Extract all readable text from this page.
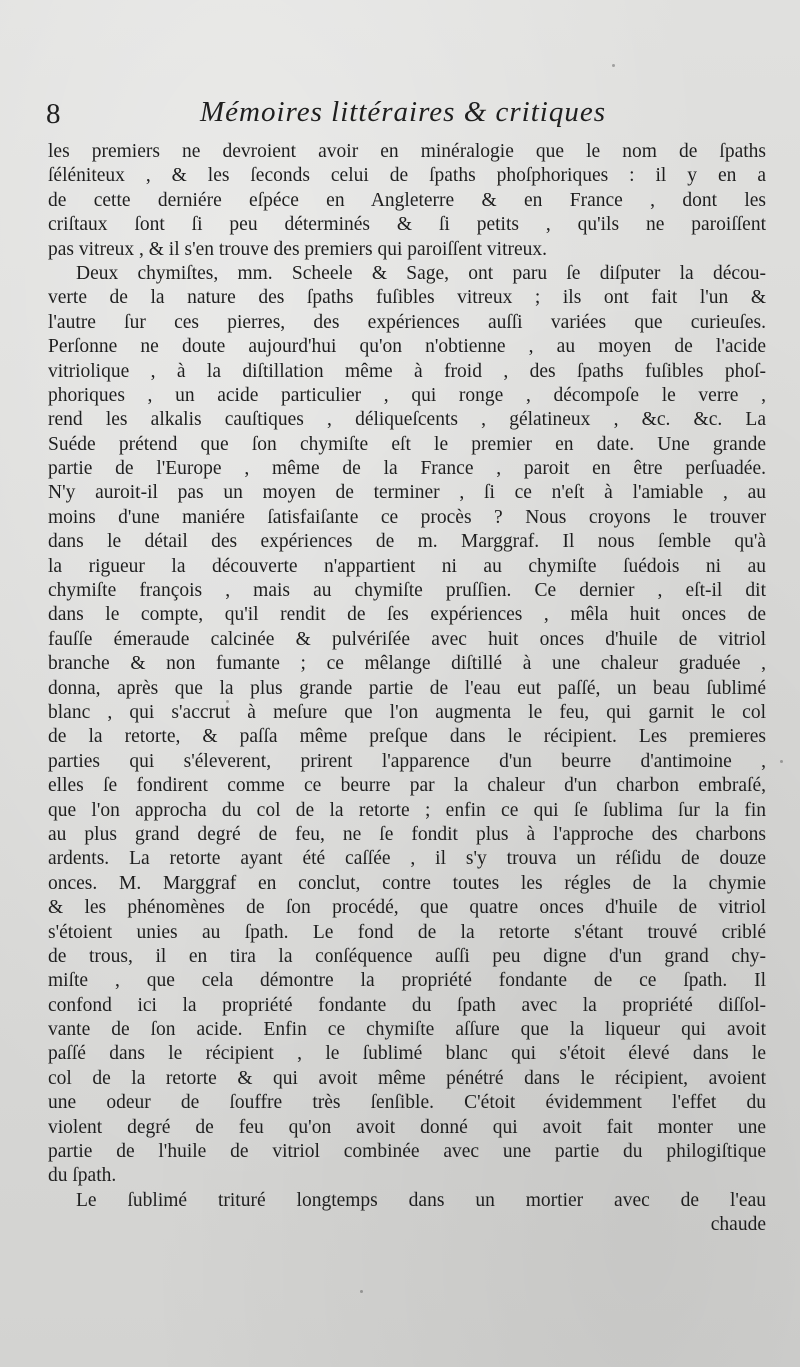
8	Mémoires littéraires & critiques
les premiers ne devroient avoir en minéralogie que le nom de ſpaths
ſéléniteux , & les ſeconds celui de ſpaths phoſphoriques : il y en a
de cette derniére eſpéce en Angleterre & en France , dont les
criſtaux ſont ſi peu déterminés & ſi petits , qu'ils ne paroiſſent
pas vitreux , & il s'en trouve des premiers qui paroiſſent vitreux.
Deux chymiſtes, mm. Scheele & Sage, ont paru ſe diſputer la décou-
verte de la nature des ſpaths fuſibles vitreux ; ils ont fait l'un &
l'autre ſur ces pierres, des expériences auſſi variées que curieuſes.
Perſonne ne doute aujourd'hui qu'on n'obtienne , au moyen de l'acide
vitriolique , à la diſtillation même à froid , des ſpaths fuſibles phoſ-
phoriques , un acide particulier , qui ronge , décompoſe le verre ,
rend les alkalis cauſtiques , déliqueſcents , gélatineux , &c. &c. La
Suéde prétend que ſon chymiſte eſt le premier en date. Une grande
partie de l'Europe , même de la France , paroit en être perſuadée.
N'y auroit-il pas un moyen de terminer , ſi ce n'eſt à l'amiable , au
moins d'une maniére ſatisfaiſante ce procès ? Nous croyons le trouver
dans le détail des expériences de m. Marggraf. Il nous ſemble qu'à
la rigueur la découverte n'appartient ni au chymiſte ſuédois ni au
chymiſte françois , mais au chymiſte pruſſien. Ce dernier , eſt-il dit
dans le compte, qu'il rendit de ſes expériences , mêla huit onces de
fauſſe émeraude calcinée & pulvériſée avec huit onces d'huile de vitriol
branche & non fumante ; ce mêlange diſtillé à une chaleur graduée ,
donna, après que la plus grande partie de l'eau eut paſſé, un beau ſublimé
blanc , qui s'accrut à meſure que l'on augmenta le feu, qui garnit le col
de la retorte, & paſſa même preſque dans le récipient. Les premieres
parties qui s'éleverent, prirent l'apparence d'un beurre d'antimoine ,
elles ſe fondirent comme ce beurre par la chaleur d'un charbon embraſé,
que l'on approcha du col de la retorte ; enfin ce qui ſe ſublima ſur la fin
au plus grand degré de feu, ne ſe fondit plus à l'approche des charbons
ardents. La retorte ayant été caſſée , il s'y trouva un réſidu de douze
onces. M. Marggraf en conclut, contre toutes les régles de la chymie
& les phénomènes de ſon procédé, que quatre onces d'huile de vitriol
s'étoient unies au ſpath. Le fond de la retorte s'étant trouvé criblé
de trous, il en tira la conſéquence auſſi peu digne d'un grand chy-
miſte , que cela démontre la propriété fondante de ce ſpath. Il
confond ici la propriété fondante du ſpath avec la propriété diſſol-
vante de ſon acide. Enfin ce chymiſte aſſure que la liqueur qui avoit
paſſé dans le récipient , le ſublimé blanc qui s'étoit élevé dans le
col de la retorte & qui avoit même pénétré dans le récipient, avoient
une odeur de ſouffre très ſenſible. C'étoit évidemment l'effet du
violent degré de feu qu'on avoit donné qui avoit fait monter une
partie de l'huile de vitriol combinée avec une partie du philogiſtique
du ſpath.
Le ſublimé trituré longtemps dans un mortier avec de l'eau
chaude
